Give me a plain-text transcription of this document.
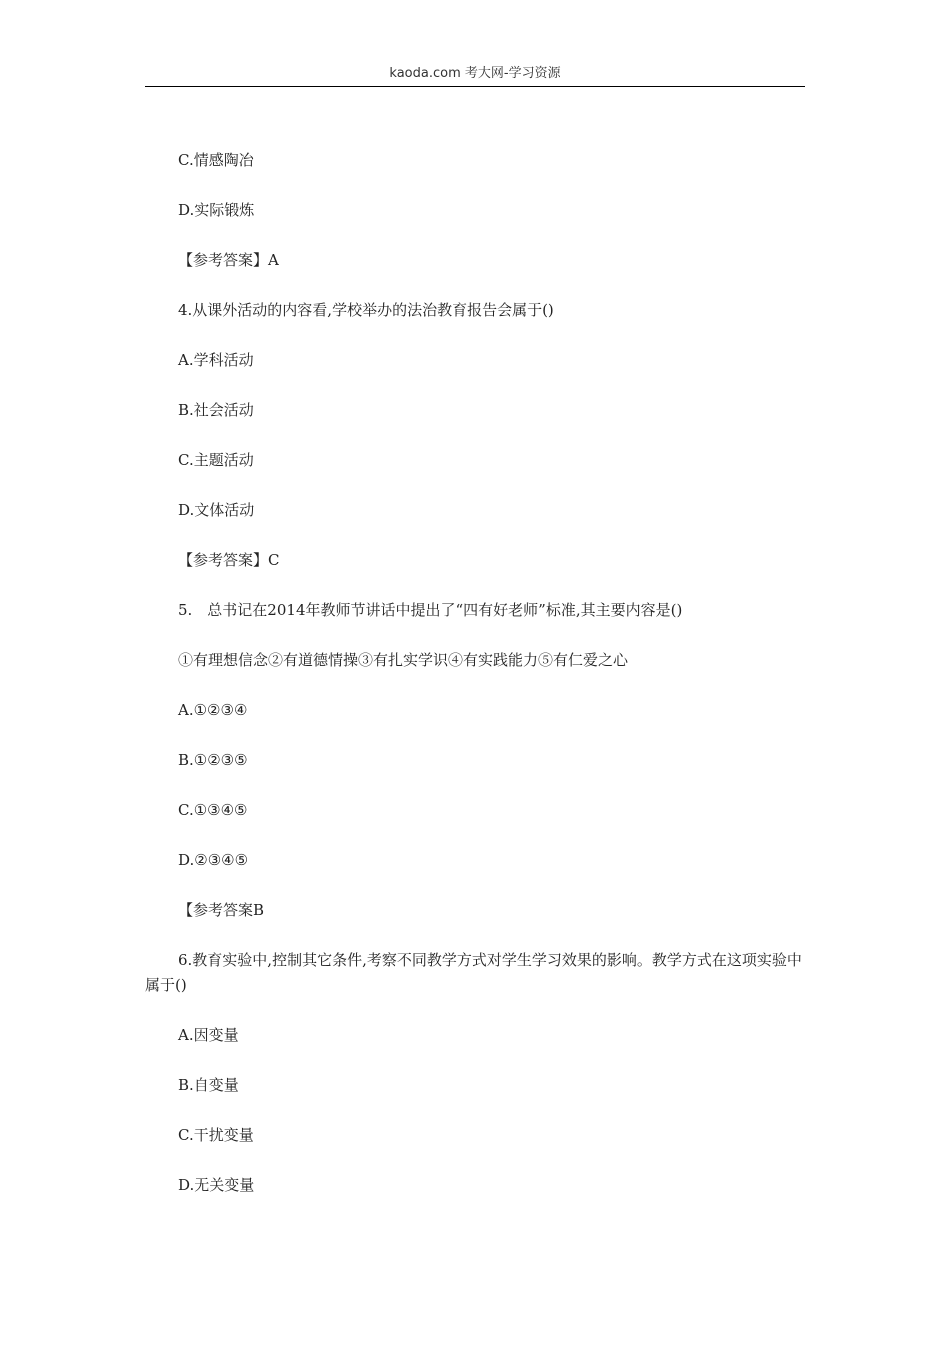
kaoda.com 考大网-学习资源
C.情感陶冶
D.实际锻炼
【参考答案】A
4.从课外活动的内容看,学校举办的法治教育报告会属于()
A.学科活动
B.社会活动
C.主题活动
D.文体活动
【参考答案】C
5.　总书记在2014年教师节讲话中提出了“四有好老师”标准,其主要内容是()
①有理想信念②有道德情操③有扎实学识④有实践能力⑤有仁爱之心
A.①②③④
B.①②③⑤
C.①③④⑤
D.②③④⑤
【参考答案B
6.教育实验中,控制其它条件,考察不同教学方式对学生学习效果的影响。教学方式在这项实验中属于()
A.因变量
B.自变量
C.干扰变量
D.无关变量
